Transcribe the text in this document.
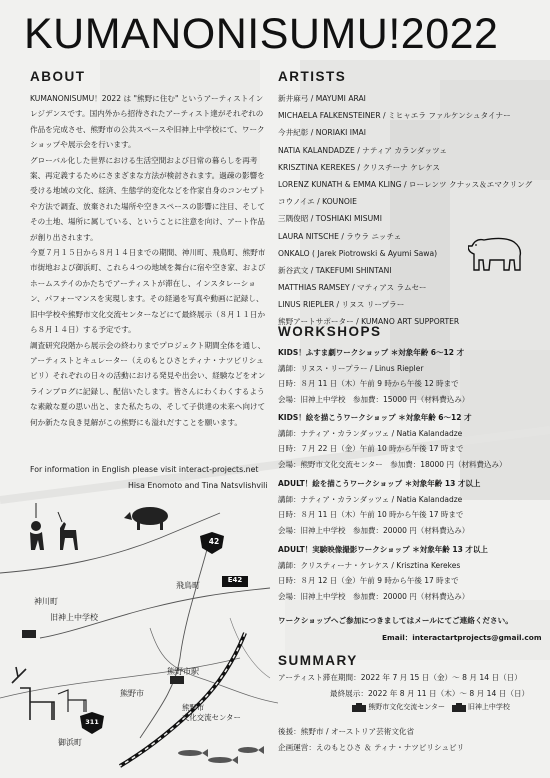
42
E42
311
飛鳥町
神川町
旧神上中学校
熊野市駅
熊野市
熊野市
文化交流センター
御浜町
KUMANONISUMU!2022
ABOUT

KUMANONISUMU！2022 は "熊野に住む" というアーティストインレジデンスです。国内外から招待されたアーティスト達がそれぞれの作品を完成させ、熊野市の公共スペースや旧神上中学校にて、ワークショップや展示会を行います。

グローバル化した世界における生活空間および日常の暮らしを再考案、再定義するためにさまざまな方法が検討されます。過疎の影響を受ける地域の文化、経済、生態学的変化などを作家自身のコンセプトや方法で調査、放棄された場所や空きスペースの影響に注目、そしてその土地、場所に属している、ということに注意を向け、アート作品が創り出されます。

今夏７月１５日から８月１４日までの期間、神川町、飛鳥町、熊野市市街地および御浜町、これら４つの地域を舞台に宿や空き家、およびホームステイのかたちでアーティストが滞在し、インスタレーション、パフォーマンスを実現します。その経過を写真や動画に記録し、旧中学校や熊野市文化交流センターなどにて最終展示（８月１１日から８月１４日）する予定です。

調査研究段階から展示会の終わりまでプロジェクト期間全体を通し、アーティストとキュレーター（えのもとひさとティナ・ナツビリシュビリ）それぞれの日々の活動における発見や出会い、経験などをオンラインブログに記録し、配信いたします。皆さんにわくわくするような素敵な夏の思い出と、また私たちの、そして子供達の未来へ向けて何か新たな良き見解がこの熊野にも溢れだすことを願います。

For information in English please visit interact-projects.net
Hisa Enomoto and Tina Natsvlishvili
ARTISTS
新井麻弓 / MAYUMI ARAI
MICHAELA FALKENSTEINER / ミヒャエラ ファルケンシュタイナー
今井紀彰 / NORIAKI IMAI
NATIA KALANDADZE / ナティア カランダッツェ
KRISZTINA KEREKES / クリスチーナ ケレケス
LORENZ KUNATH & EMMA KLING / ローレンツ クナッス＆エマクリング
コウノイエ / KOUNOIE
三隅俊昭 / TOSHIAKI MISUMI
LAURA NITSCHE / ラウラ ニッチェ
ONKALO ( Jarek Piotrowski & Ayumi Sawa)
新谷武文 / TAKEFUMI SHINTANI
MATTHIAS RAMSEY / マティアス ラムセー
LINUS RIEPLER / リヌス リープラー
熊野アートサポーター / KUMANO ART SUPPORTER
WORKSHOPS
KIDS！ふすま劇ワークショップ ＊対象年齢 6～12 才
講師：リヌス・リープラー / Linus Riepler
日時：８月 11 日（木）午前 9 時から午後 12 時まで
会場：旧神上中学校　参加費：15000 円（材料費込み）
KIDS！絵を描こうワークショップ ＊対象年齢 6～12 才
講師：ナティア・カランダッツェ / Natia Kalandadze
日時：７月 22 日（金）午前 10 時から午後 17 時まで
会場：熊野市文化交流センター　参加費：18000 円（材料費込み）
ADULT！絵を描こうワークショップ ＊対象年齢 13 才以上
講師：ナティア・カランダッツェ / Natia Kalandadze
日時：８月 11 日（木）午前 10 時から午後 17 時まで
会場：旧神上中学校　参加費：20000 円（材料費込み）
ADULT！実験映像撮影ワークショップ ＊対象年齢 13 才以上
講師：クリスティーナ・ケレケス / Krisztina Kerekes
日時：８月 12 日（金）午前 9 時から午後 17 時まで
会場：旧神上中学校　参加費：20000 円（材料費込み）
ワークショップへご参加につきましてはメールにてご連絡ください。
Email：interactartprojects@gmail.com
SUMMARY
アーティスト滞在期間：2022 年 7 月 15 日（金）～ 8 月 14 日（日）
最終展示：2022 年 8 月 11 日（木）～ 8 月 14 日（日）
熊野市文化交流センター	旧神上中学校
後援：熊野市 / オーストリア芸術文化省
企画運営：えのもとひさ ＆ ティナ・ナツビリシュビリ
